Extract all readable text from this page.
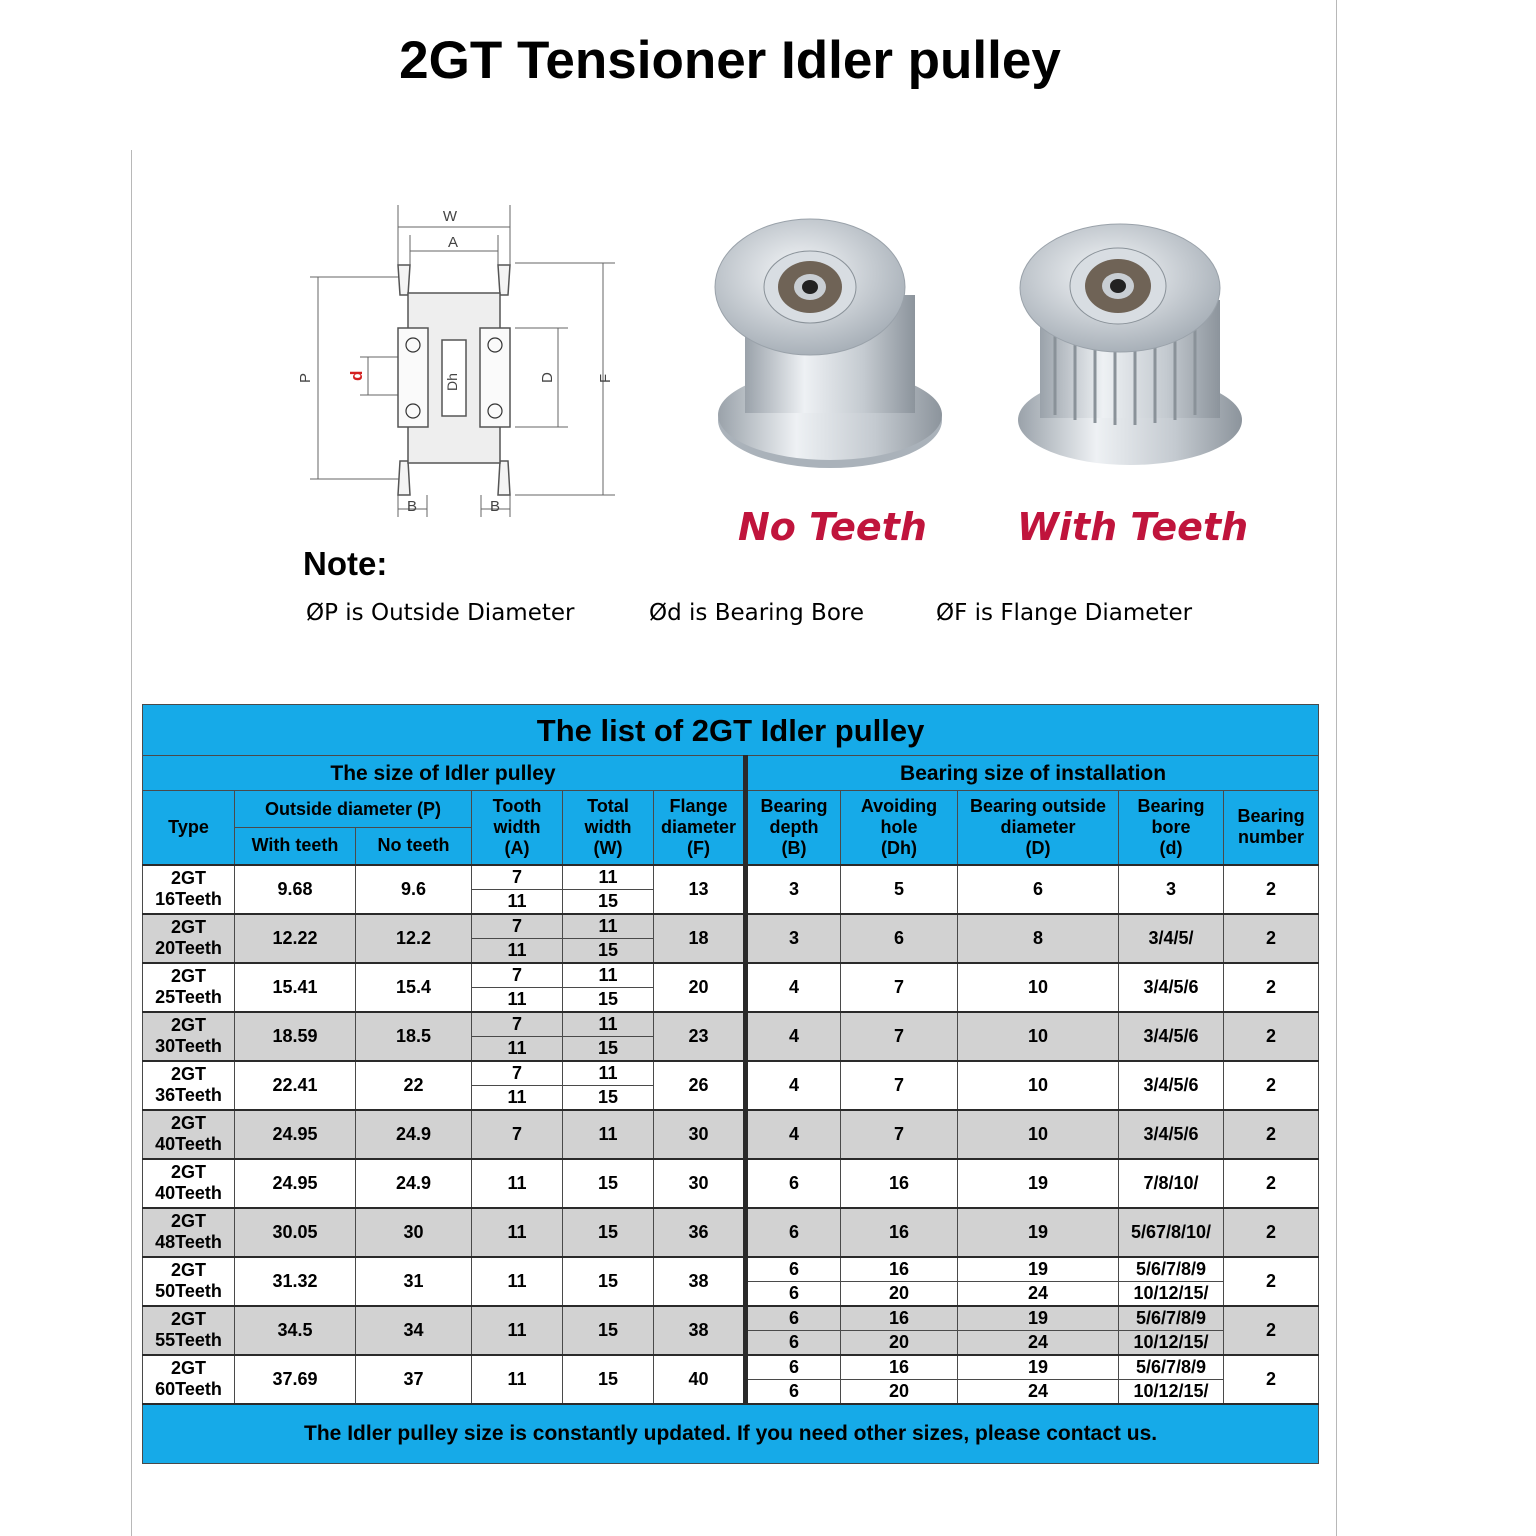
2GT Tensioner Idler pulley
W
A
P d	Dh	D	F
B	B	No Teeth With Teeth
Note:
ØP is Outside Diameter	Ød is Bearing Bore	ØF is Flange Diameter
The list of 2GT Idler pulley										
The size of Idler pulley						Bearing size of installation				
Type	Outside diameter (P)		Tooth
width
(A)	Total
width
(W)	Flange
diameter
(F)	Bearing
depth
(B)	Avoiding
hole
(Dh)	Bearing outside
diameter
(D)	Bearing
bore
(d)	Bearing
number
	With teeth	No teeth								
2GT
16Teeth	9.68	9.6	7	11	13	3	5	6	3	2
			11	15						
2GT
20Teeth	12.22	12.2	7	11	18	3	6	8	3/4/5/	2
			11	15						
2GT
25Teeth	15.41	15.4	7	11	20	4	7	10	3/4/5/6	2
			11	15						
2GT
30Teeth	18.59	18.5	7	11	23	4	7	10	3/4/5/6	2
			11	15						
2GT
36Teeth	22.41	22	7	11	26	4	7	10	3/4/5/6	2
			11	15						
2GT
40Teeth	24.95	24.9	7	11	30	4	7	10	3/4/5/6	2
2GT
40Teeth	24.95	24.9	11	15	30	6	16	19	7/8/10/	2
2GT
48Teeth	30.05	30	11	15	36	6	16	19	5/67/8/10/	2
2GT
50Teeth	31.32	31	11	15	38	6	16	19	5/6/7/8/9	2
						6	20	24	10/12/15/	
2GT
55Teeth	34.5	34	11	15	38	6	16	19	5/6/7/8/9	2
						6	20	24	10/12/15/	
2GT
60Teeth	37.69	37	11	15	40	6	16	19	5/6/7/8/9	2
						6	20	24	10/12/15/	
The Idler pulley size is constantly updated. If you need other sizes, please contact us.										
